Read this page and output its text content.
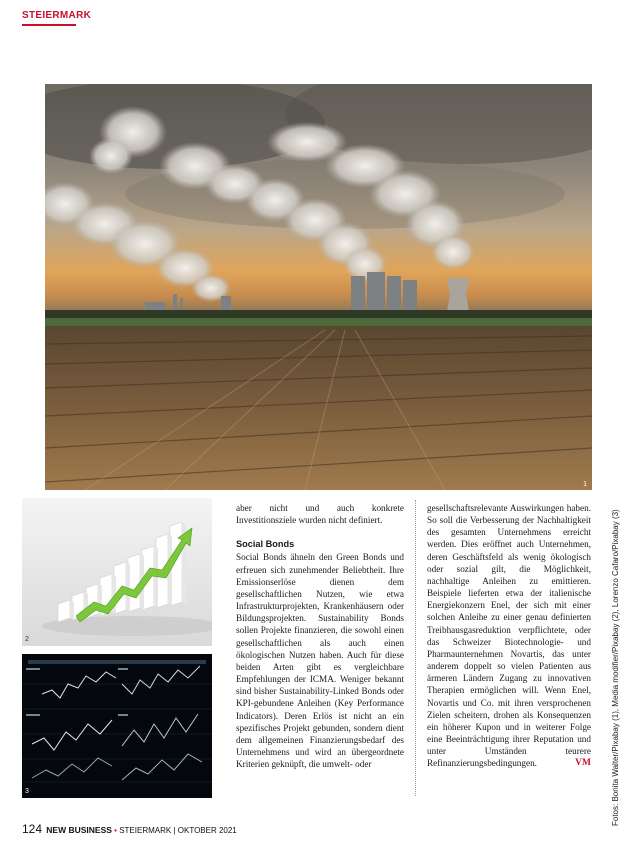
STEIERMARK
1
2
3	Fotos: Bonita Walter/Pixabay (1), Media modifier/Pixabay (2), Lorenzo Cafaro/Pixabay (3)

aber nicht und auch konkrete Investitionsziele wurden nicht definiert.

Social Bonds

Social Bonds ähneln den Green Bonds und erfreuen sich zunehmender Beliebtheit. Ihre Emissionserlöse dienen dem gesellschaftlichen Nutzen, wie etwa Infrastrukturprojekten, Krankenhäusern oder Bildungsprojekten. Sustainability Bonds sollen Projekte finanzieren, die sowohl einen gesellschaftlichen als auch einen ökologischen Nutzen haben. Auch für diese beiden Arten gibt es vergleichbare Empfehlungen der ICMA. Weniger bekannt sind bisher Sustainability-Linked Bonds oder KPI-gebundene Anleihen (Key Performance Indicators). Deren Erlös ist nicht an ein spezifisches Projekt gebunden, sondern dient dem allgemeinen Finanzierungsbedarf des Unternehmens und wird an übergeordnete Kriterien geknüpft, die umwelt- oder

gesellschaftsrelevante Auswirkungen haben. So soll die Verbesserung der Nachhaltigkeit des gesamten Unternehmens erreicht werden. Dies eröffnet auch Unternehmen, deren Geschäftsfeld als wenig ökologisch oder sozial gilt, die Möglichkeit, nachhaltige Anleihen zu emittieren. Beispiele lieferten etwa der italienische Energiekonzern Enel, der sich mit einer solchen Anleihe zu einer genau definierten Treibhausgasreduktion verpflichtete, oder das Schweizer Biotechnologie- und Pharmaunternehmen Novartis, das unter anderem doppelt so vielen Patienten aus ärmeren Ländern Zugang zu innovativen Therapien ermöglichen will. Wenn Enel, Novartis und Co. mit ihren versprochenen Zielen scheitern, drohen als Konsequenzen ein höherer Kupon und in weiterer Folge eine Beeinträchtigung ihrer Reputation und unter Umständen teurere Refinanzierungsbedingungen.	VM

124 NEW BUSINESS • STEIERMARK | OKTOBER 2021
